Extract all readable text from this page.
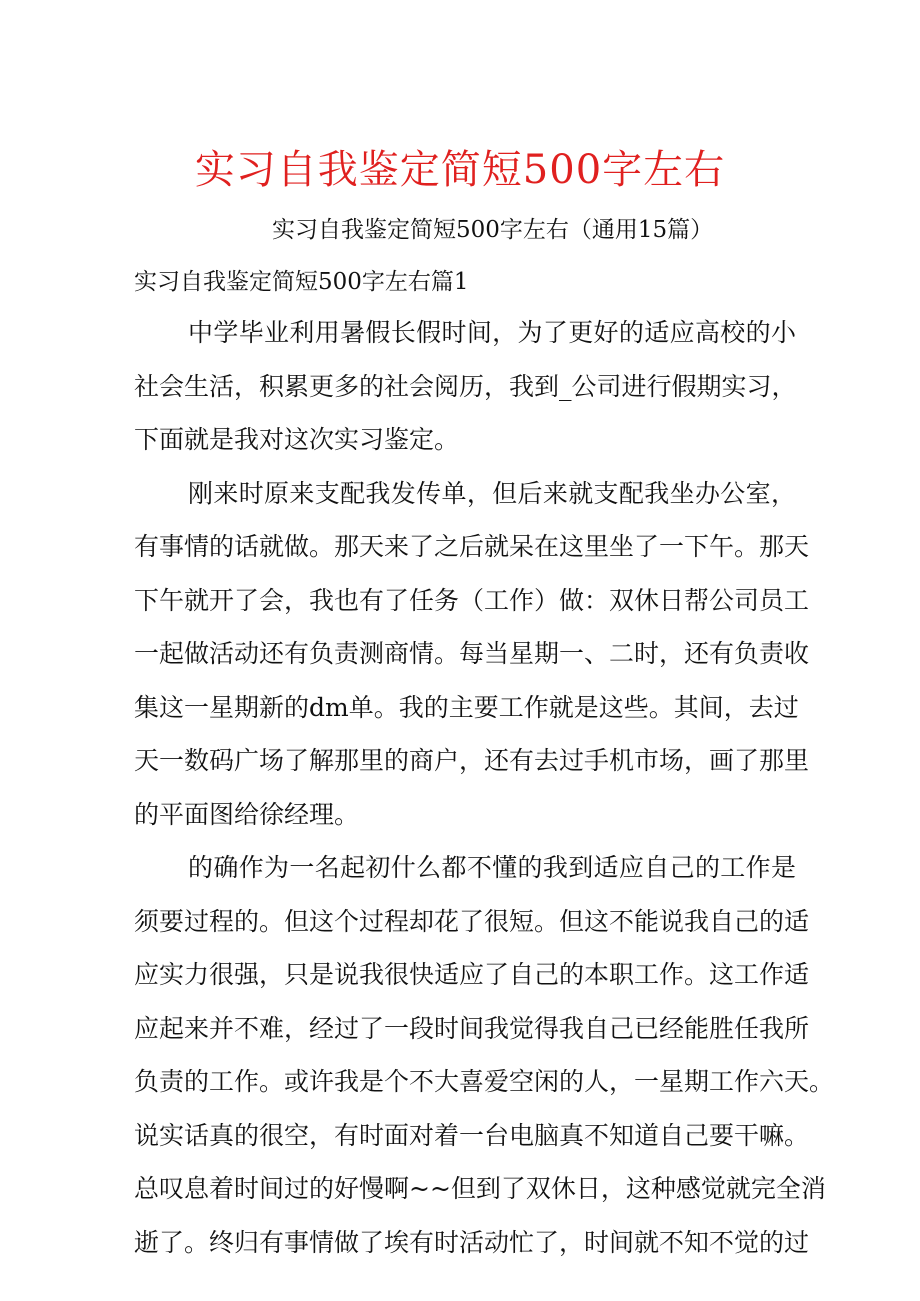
实习自我鉴定简短500字左右
实习自我鉴定简短500字左右（通用15篇）
实习自我鉴定简短500字左右篇1
中学毕业利用暑假长假时间，为了更好的适应高校的小
社会生活，积累更多的社会阅历，我到_公司进行假期实习，
下面就是我对这次实习鉴定。
刚来时原来支配我发传单，但后来就支配我坐办公室，
有事情的话就做。那天来了之后就呆在这里坐了一下午。那天
下午就开了会，我也有了任务（工作）做：双休日帮公司员工
一起做活动还有负责测商情。每当星期一、二时，还有负责收
集这一星期新的dm单。我的主要工作就是这些。其间，去过
天一数码广场了解那里的商户，还有去过手机市场，画了那里
的平面图给徐经理。
的确作为一名起初什么都不懂的我到适应自己的工作是
须要过程的。但这个过程却花了很短。但这不能说我自己的适
应实力很强，只是说我很快适应了自己的本职工作。这工作适
应起来并不难，经过了一段时间我觉得我自己已经能胜任我所
负责的工作。或许我是个不大喜爱空闲的人，一星期工作六天。
说实话真的很空，有时面对着一台电脑真不知道自己要干嘛。
总叹息着时间过的好慢啊~~但到了双休日，这种感觉就完全消
逝了。终归有事情做了埃有时活动忙了，时间就不知不觉的过
